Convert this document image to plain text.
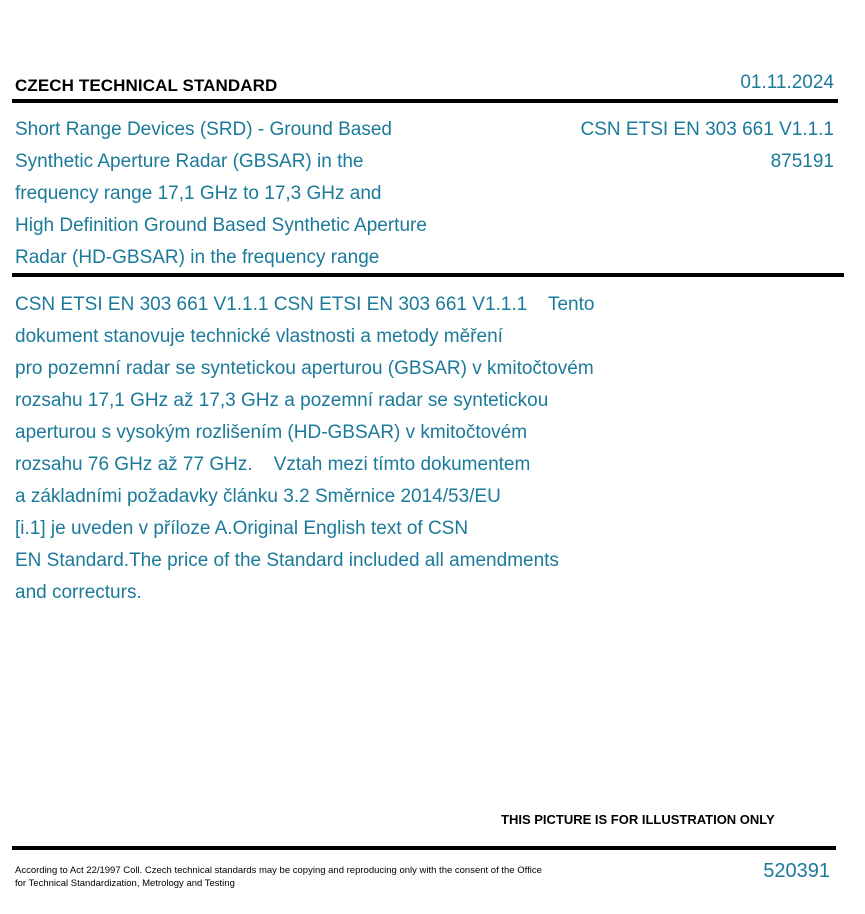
CZECH TECHNICAL STANDARD	01.11.2024
Short Range Devices (SRD) - Ground Based
Synthetic Aperture Radar (GBSAR) in the
frequency range 17,1 GHz to 17,3 GHz and
High Definition Ground Based Synthetic Aperture
Radar (HD-GBSAR) in the frequency range
CSN ETSI EN 303 661 V1.1.1
875191
CSN ETSI EN 303 661 V1.1.1 CSN ETSI EN 303 661 V1.1.1    Tento
dokument stanovuje technické vlastnosti a metody měření
pro pozemní radar se syntetickou aperturou (GBSAR) v kmitočtovém
rozsahu 17,1 GHz až 17,3 GHz a pozemní radar se syntetickou
aperturou s vysokým rozlišením (HD-GBSAR) v kmitočtovém
rozsahu 76 GHz až 77 GHz.    Vztah mezi tímto dokumentem
a základními požadavky článku 3.2 Směrnice 2014/53/EU
[i.1] je uveden v příloze A.Original English text of CSN
EN Standard.The price of the Standard included all amendments
and correcturs.
THIS PICTURE IS FOR ILLUSTRATION ONLY
According to Act 22/1997 Coll. Czech technical standards may be copying and reproducing only with the consent of the Office
for Technical Standardization, Metrology and Testing
520391
